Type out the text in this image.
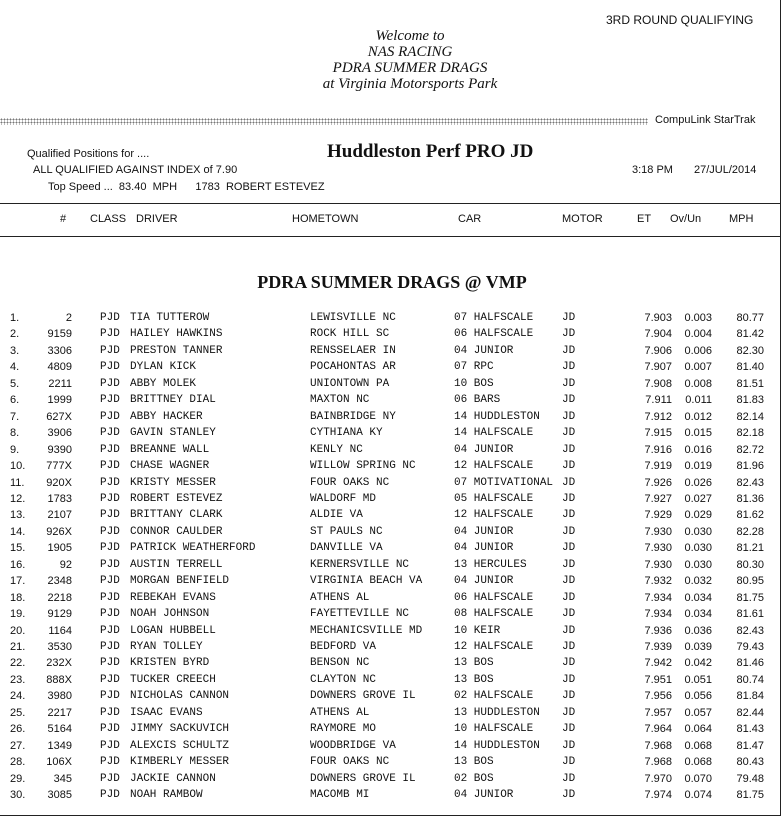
3RD ROUND QUALIFYING
Welcome to
NAS RACING
PDRA SUMMER DRAGS
at Virginia Motorsports Park
CompuLink StarTrak
Qualified Positions for ....	Huddleston Perf PRO JD
ALL QUALIFIED AGAINST INDEX of 7.90	3:18 PM 27/JUL/2014
Top Speed ...  83.40  MPH      1783  ROBERT ESTEVEZ
# CLASS DRIVER	HOMETOWN	CAR	MOTOR	ET Ov/Un	MPH
PDRA SUMMER DRAGS @ VMP
1.	2	PJD TIA TUTTEROW	LEWISVILLE NC	07 HALFSCALE	JD	7.903	0.003	80.77
2.	9159	PJD HAILEY HAWKINS	ROCK HILL SC	06 HALFSCALE	JD	7.904	0.004	81.42
3.	3306	PJD PRESTON TANNER	RENSSELAER IN	04 JUNIOR	JD	7.906	0.006	82.30
4.	4809	PJD DYLAN KICK	POCAHONTAS AR	07 RPC	JD	7.907	0.007	81.40
5.	2211	PJD ABBY MOLEK	UNIONTOWN PA	10 BOS	JD	7.908	0.008	81.51
6.	1999	PJD BRITTNEY DIAL	MAXTON NC	06 BARS	JD	7.911	0.011	81.83
7.	627X	PJD ABBY HACKER	BAINBRIDGE NY	14 HUDDLESTON	JD	7.912	0.012	82.14
8.	3906	PJD GAVIN STANLEY	CYTHIANA KY	14 HALFSCALE	JD	7.915	0.015	82.18
9.	9390	PJD BREANNE WALL	KENLY NC	04 JUNIOR	JD	7.916	0.016	82.72
10.	777X	PJD CHASE WAGNER	WILLOW SPRING NC	12 HALFSCALE	JD	7.919	0.019	81.96
11.	920X	PJD KRISTY MESSER	FOUR OAKS NC	07 MOTIVATIONAL JD	7.926	0.026	82.43
12.	1783	PJD ROBERT ESTEVEZ	WALDORF MD	05 HALFSCALE	JD	7.927	0.027	81.36
13.	2107	PJD BRITTANY CLARK	ALDIE VA	12 HALFSCALE	JD	7.929	0.029	81.62
14.	926X	PJD CONNOR CAULDER	ST PAULS NC	04 JUNIOR	JD	7.930	0.030	82.28
15.	1905	PJD PATRICK WEATHERFORD	DANVILLE VA	04 JUNIOR	JD	7.930	0.030	81.21
16.	92	PJD AUSTIN TERRELL	KERNERSVILLE NC	13 HERCULES	JD	7.930	0.030	80.30
17.	2348	PJD MORGAN BENFIELD	VIRGINIA BEACH VA	04 JUNIOR	JD	7.932	0.032	80.95
18.	2218	PJD REBEKAH EVANS	ATHENS AL	06 HALFSCALE	JD	7.934	0.034	81.75
19.	9129	PJD NOAH JOHNSON	FAYETTEVILLE NC	08 HALFSCALE	JD	7.934	0.034	81.61
20.	1164	PJD LOGAN HUBBELL	MECHANICSVILLE MD	10 KEIR	JD	7.936	0.036	82.43
21.	3530	PJD RYAN TOLLEY	BEDFORD VA	12 HALFSCALE	JD	7.939	0.039	79.43
22.	232X	PJD KRISTEN BYRD	BENSON NC	13 BOS	JD	7.942	0.042	81.46
23.	888X	PJD TUCKER CREECH	CLAYTON NC	13 BOS	JD	7.951	0.051	80.74
24.	3980	PJD NICHOLAS CANNON	DOWNERS GROVE IL	02 HALFSCALE	JD	7.956	0.056	81.84
25.	2217	PJD ISAAC EVANS	ATHENS AL	13 HUDDLESTON	JD	7.957	0.057	82.44
26.	5164	PJD JIMMY SACKUVICH	RAYMORE MO	10 HALFSCALE	JD	7.964	0.064	81.43
27.	1349	PJD ALEXCIS SCHULTZ	WOODBRIDGE VA	14 HUDDLESTON	JD	7.968	0.068	81.47
28.	106X	PJD KIMBERLY MESSER	FOUR OAKS NC	13 BOS	JD	7.968	0.068	80.43
29.	345	PJD JACKIE CANNON	DOWNERS GROVE IL	02 BOS	JD	7.970	0.070	79.48
30.	3085	PJD NOAH RAMBOW	MACOMB MI	04 JUNIOR	JD	7.974	0.074	81.75
